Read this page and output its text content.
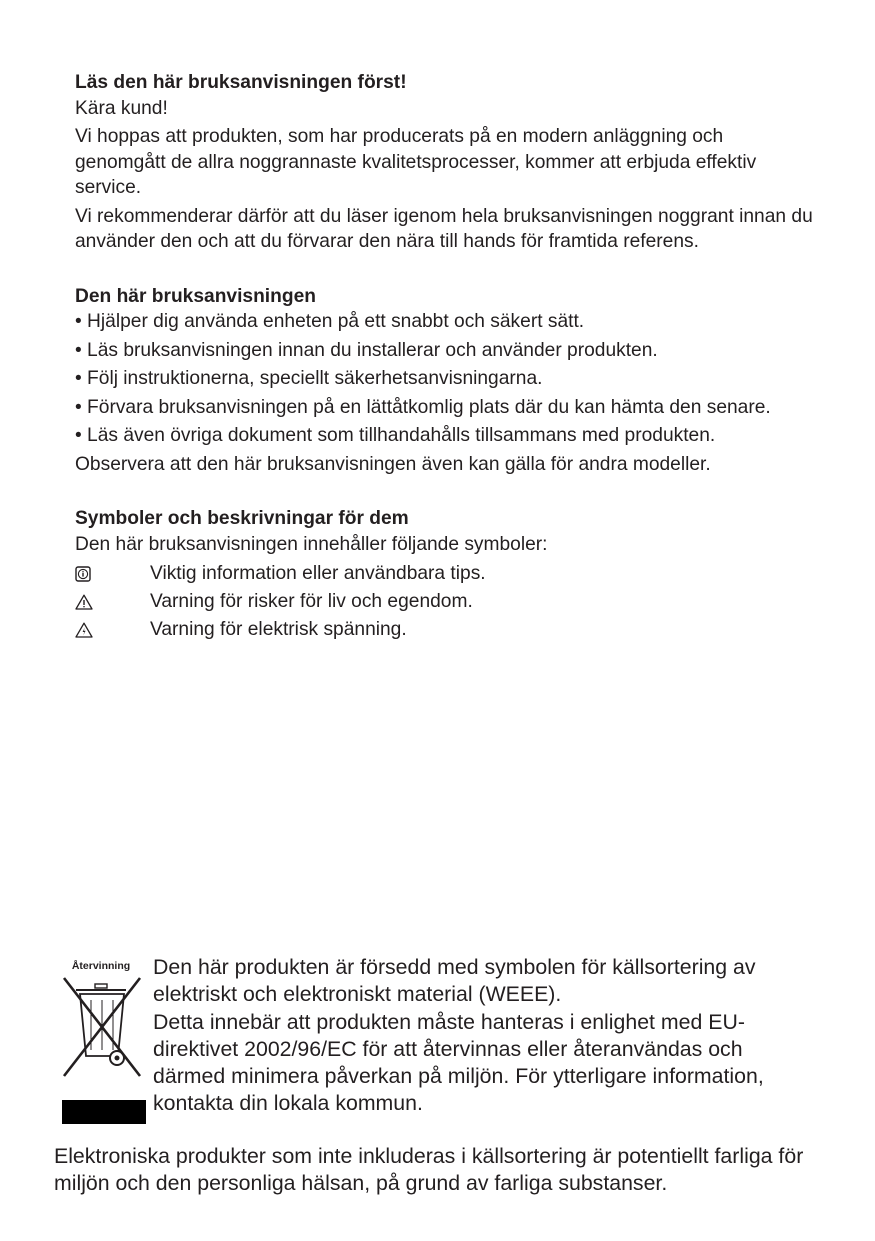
Läs den här bruksanvisningen först!

Kära kund!

Vi hoppas att produkten, som har producerats på en modern anläggning och genomgått de allra noggrannaste kvalitetsprocesser, kommer att erbjuda effektiv service.

Vi rekommenderar därför att du läser igenom hela bruksanvisningen noggrant innan du använder den och att du förvarar den nära till hands för framtida referens.

Den här bruksanvisningen

• Hjälper dig använda enheten på ett snabbt och säkert sätt.

• Läs bruksanvisningen innan du installerar och använder produkten.

• Följ instruktionerna, speciellt säkerhetsanvisningarna.

• Förvara bruksanvisningen på en lättåtkomlig plats där du kan hämta den senare.

• Läs även övriga dokument som tillhandahålls tillsammans med produkten.

Observera att den här bruksanvisningen även kan gälla för andra modeller.

Symboler och beskrivningar för dem

Den här bruksanvisningen innehåller följande symboler:

Viktig information eller användbara tips.
Varning för risker för liv och egendom.
Varning för elektrisk spänning.
Återvinning	Den här produkten är försedd med symbolen för källsortering av elektriskt och elektroniskt material (WEEE).

Detta innebär att produkten måste hanteras i enlighet med EU-direktivet 2002/96/EC för att återvinnas eller återanvändas och därmed minimera påverkan på miljön. För ytterligare information, kontakta din lokala kommun.

Elektroniska produkter som inte inkluderas i källsortering är potentiellt farliga för miljön och den personliga hälsan, på grund av farliga substanser.
